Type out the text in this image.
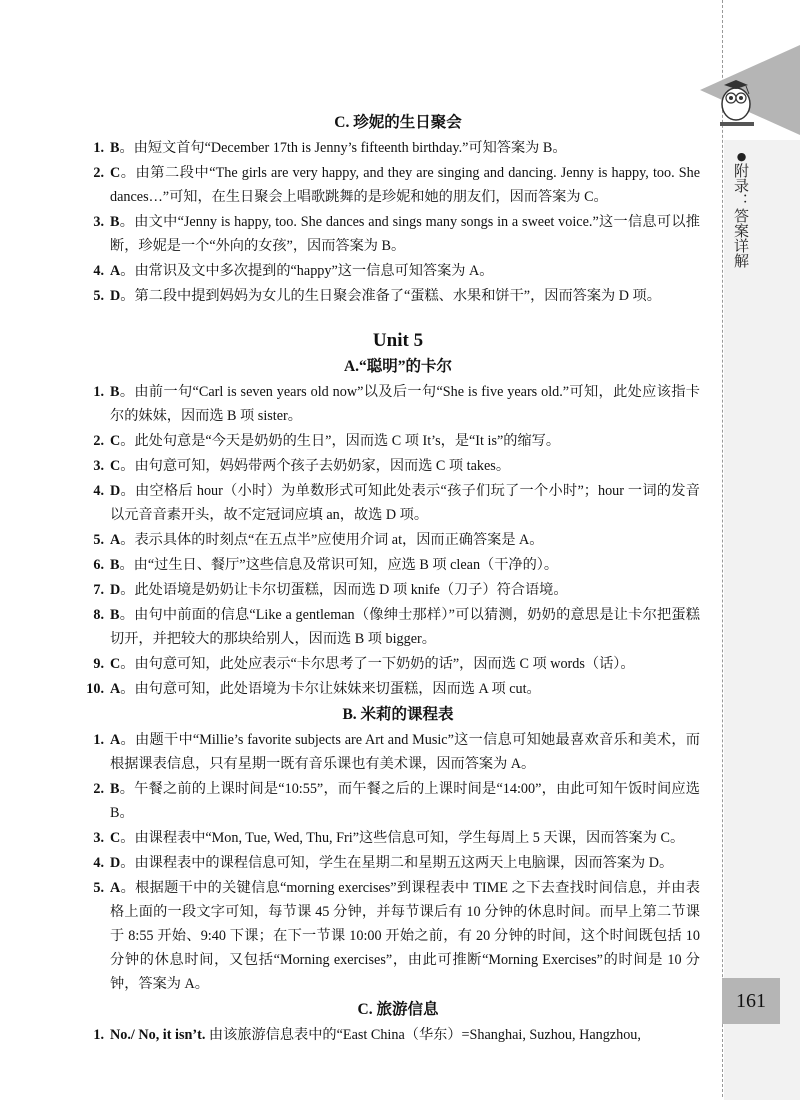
●附录：答案详解
161
C. 珍妮的生日聚会
1. B。由短文首句“December 17th is Jenny’s fifteenth birthday.”可知答案为 B。
2. C。由第二段中“The girls are very happy, and they are singing and dancing. Jenny is happy, too. She dances…”可知，在生日聚会上唱歌跳舞的是珍妮和她的朋友们，因而答案为 C。
3. B。由文中“Jenny is happy, too. She dances and sings many songs in a sweet voice.”这一信息可以推断，珍妮是一个“外向的女孩”，因而答案为 B。
4. A。由常识及文中多次提到的“happy”这一信息可知答案为 A。
5. D。第二段中提到妈妈为女儿的生日聚会准备了“蛋糕、水果和饼干”，因而答案为 D 项。
Unit 5
A.“聪明”的卡尔
1. B。由前一句“Carl is seven years old now”以及后一句“She is five years old.”可知，此处应该指卡尔的妹妹，因而选 B 项 sister。
2. C。此处句意是“今天是奶奶的生日”，因而选 C 项 It’s，是“It is”的缩写。
3. C。由句意可知，妈妈带两个孩子去奶奶家，因而选 C 项 takes。
4. D。由空格后 hour（小时）为单数形式可知此处表示“孩子们玩了一个小时”；hour 一词的发音以元音音素开头，故不定冠词应填 an，故选 D 项。
5. A。表示具体的时刻点“在五点半”应使用介词 at，因而正确答案是 A。
6. B。由“过生日、餐厅”这些信息及常识可知，应选 B 项 clean（干净的）。
7. D。此处语境是奶奶让卡尔切蛋糕，因而选 D 项 knife（刀子）符合语境。
8. B。由句中前面的信息“Like a gentleman（像绅士那样）”可以猜测，奶奶的意思是让卡尔把蛋糕切开，并把较大的那块给别人，因而选 B 项 bigger。
9. C。由句意可知，此处应表示“卡尔思考了一下奶奶的话”，因而选 C 项 words（话）。
10. A。由句意可知，此处语境为卡尔让妹妹来切蛋糕，因而选 A 项 cut。
B. 米莉的课程表
1. A。由题干中“Millie’s favorite subjects are Art and Music”这一信息可知她最喜欢音乐和美术，而根据课表信息，只有星期一既有音乐课也有美术课，因而答案为 A。
2. B。午餐之前的上课时间是“10:55”，而午餐之后的上课时间是“14:00”，由此可知午饭时间应选 B。
3. C。由课程表中“Mon, Tue, Wed, Thu, Fri”这些信息可知，学生每周上 5 天课，因而答案为 C。
4. D。由课程表中的课程信息可知，学生在星期二和星期五这两天上电脑课，因而答案为 D。
5. A。根据题干中的关键信息“morning exercises”到课程表中 TIME 之下去查找时间信息，并由表格上面的一段文字可知，每节课 45 分钟，并每节课后有 10 分钟的休息时间。而早上第二节课于 8:55 开始、9:40 下课；在下一节课 10:00 开始之前，有 20 分钟的时间，这个时间既包括 10 分钟的休息时间，又包括“Morning exercises”，由此可推断“Morning Exercises”的时间是 10 分钟，答案为 A。
C. 旅游信息
1. No./ No, it isn’t. 由该旅游信息表中的“East China（华东）=Shanghai, Suzhou, Hangzhou,
